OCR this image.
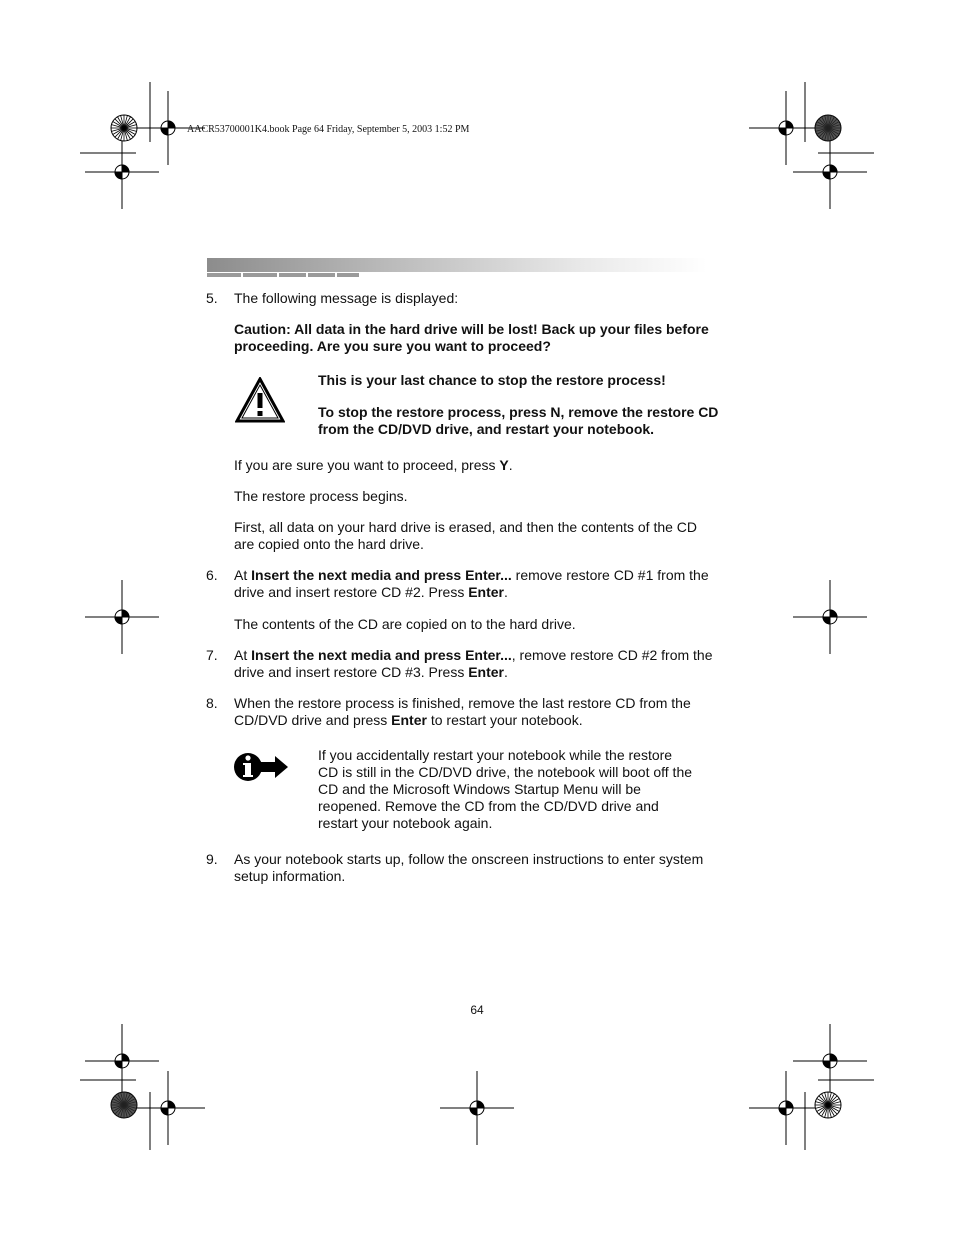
AACR53700001K4.book Page 64 Friday, September 5, 2003 1:52 PM
5.	The following message is displayed:
Caution: All data in the hard drive will be lost! Back up your files before
proceeding. Are you sure you want to proceed?
This is your last chance to stop the restore process!
To stop the restore process, press N, remove the restore CD
from the CD/DVD drive, and restart your notebook.
If you are sure you want to proceed, press Y.
The restore process begins.
First, all data on your hard drive is erased, and then the contents of the CD
are copied onto the hard drive.
6.	At Insert the next media and press Enter... remove restore CD #1 from the
drive and insert restore CD #2. Press Enter.
The contents of the CD are copied on to the hard drive.
7.	At Insert the next media and press Enter..., remove restore CD #2 from the
drive and insert restore CD #3. Press Enter.
8.	When the restore process is finished, remove the last restore CD from the
CD/DVD drive and press Enter to restart your notebook.
If you accidentally restart your notebook while the restore
CD is still in the CD/DVD drive, the notebook will boot off the
CD and the Microsoft Windows Startup Menu will be
reopened. Remove the CD from the CD/DVD drive and
restart your notebook again.
9.	As your notebook starts up, follow the onscreen instructions to enter system
setup information.
64
